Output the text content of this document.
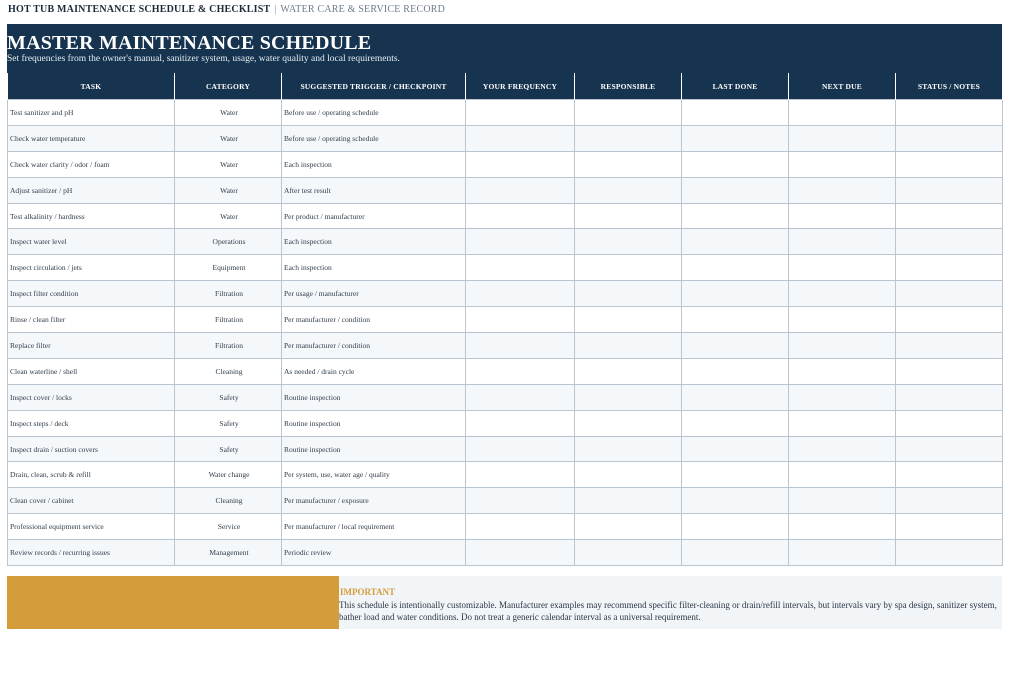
HOT TUB MAINTENANCE SCHEDULE & CHECKLIST | WATER CARE & SERVICE RECORD
MASTER MAINTENANCE SCHEDULE
Set frequencies from the owner's manual, sanitizer system, usage, water quality and local requirements.
TASK	CATEGORY	SUGGESTED TRIGGER / CHECKPOINT	YOUR FREQUENCY	RESPONSIBLE	LAST DONE	NEXT DUE	STATUS / NOTES
Test sanitizer and pH	Water	Before use / operating schedule					
Check water temperature	Water	Before use / operating schedule					
Check water clarity / odor / foam	Water	Each inspection					
Adjust sanitizer / pH	Water	After test result					
Test alkalinity / hardness	Water	Per product / manufacturer					
Inspect water level	Operations	Each inspection					
Inspect circulation / jets	Equipment	Each inspection					
Inspect filter condition	Filtration	Per usage / manufacturer					
Rinse / clean filter	Filtration	Per manufacturer / condition					
Replace filter	Filtration	Per manufacturer / condition					
Clean waterline / shell	Cleaning	As needed / drain cycle					
Inspect cover / locks	Safety	Routine inspection					
Inspect steps / deck	Safety	Routine inspection					
Inspect drain / suction covers	Safety	Routine inspection					
Drain, clean, scrub & refill	Water change	Per system, use, water age / quality					
Clean cover / cabinet	Cleaning	Per manufacturer / exposure					
Professional equipment service	Service	Per manufacturer / local requirement					
Review records / recurring issues	Management	Periodic review					
IMPORTANT
This schedule is intentionally customizable. Manufacturer examples may recommend specific filter-cleaning or drain/refill intervals, but intervals vary by spa design, sanitizer system, bather load and water conditions. Do not treat a generic calendar interval as a universal requirement.
